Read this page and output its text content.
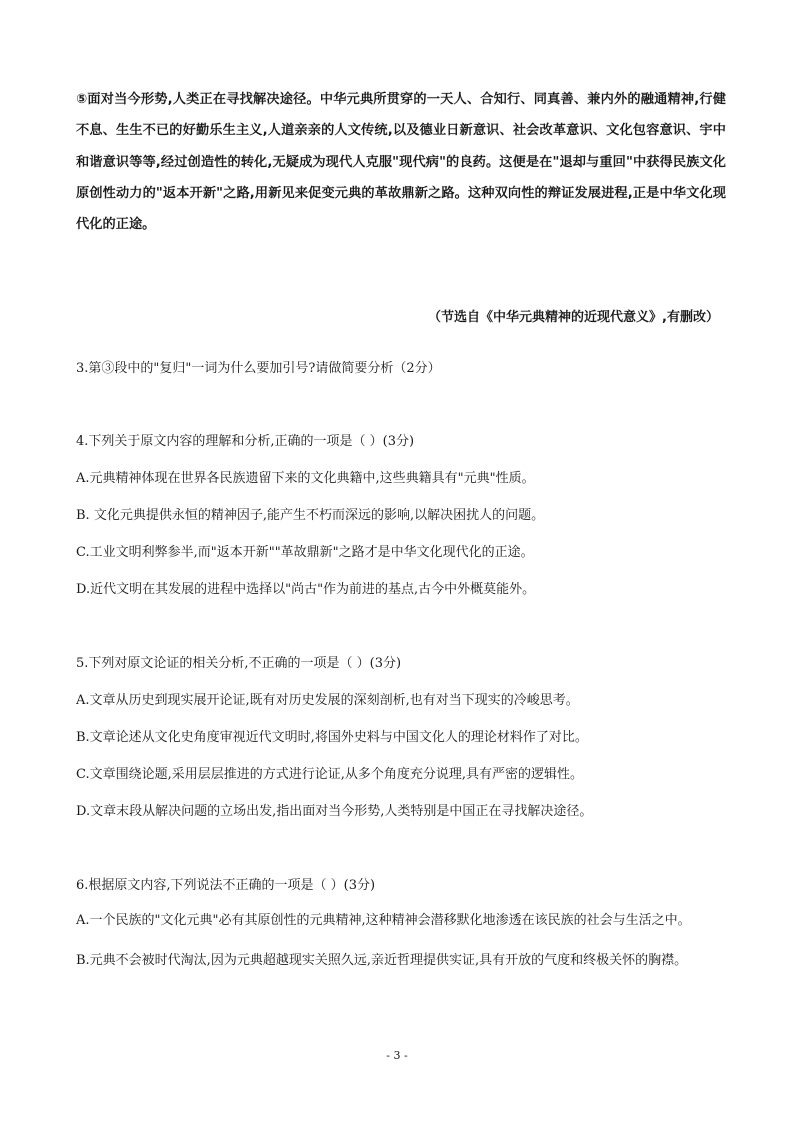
⑤面对当今形势,人类正在寻找解决途径。中华元典所贯穿的一天人、合知行、同真善、兼内外的融通精神,行健不息、生生不已的好勤乐生主义,人道亲亲的人文传统,以及德业日新意识、社会改革意识、文化包容意识、宇中和谐意识等等,经过创造性的转化,无疑成为现代人克服"现代病"的良药。这便是在"退却与重回"中获得民族文化原创性动力的"返本开新"之路,用新见来促变元典的革故鼎新之路。这种双向性的辩证发展进程,正是中华文化现代化的正途。
（节选自《中华元典精神的近现代意义》,有删改）
3.第③段中的"复归"一词为什么要加引号?请做简要分析（2分）
4.下列关于原文内容的理解和分析,正确的一项是（ ）(3分)
A.元典精神体现在世界各民族遗留下来的文化典籍中,这些典籍具有"元典"性质。
B. 文化元典提供永恒的精神因子,能产生不朽而深远的影响,以解决困扰人的问题。
C.工业文明利弊参半,而"返本开新""革故鼎新"之路才是中华文化现代化的正途。
D.近代文明在其发展的进程中选择以"尚古"作为前进的基点,古今中外概莫能外。
5.下列对原文论证的相关分析,不正确的一项是（ ）(3分)
A.文章从历史到现实展开论证,既有对历史发展的深刻剖析,也有对当下现实的冷峻思考。
B.文章论述从文化史角度审视近代文明时,将国外史料与中国文化人的理论材料作了对比。
C.文章围绕论题,采用层层推进的方式进行论证,从多个角度充分说理,具有严密的逻辑性。
D.文章末段从解决问题的立场出发,指出面对当今形势,人类特别是中国正在寻找解决途径。
6.根据原文内容,下列说法不正确的一项是（ ）(3分)
A.一个民族的"文化元典"必有其原创性的元典精神,这种精神会潜移默化地渗透在该民族的社会与生活之中。
B.元典不会被时代淘汰,因为元典超越现实关照久远,亲近哲理提供实证,具有开放的气度和终极关怀的胸襟。
- 3 -
